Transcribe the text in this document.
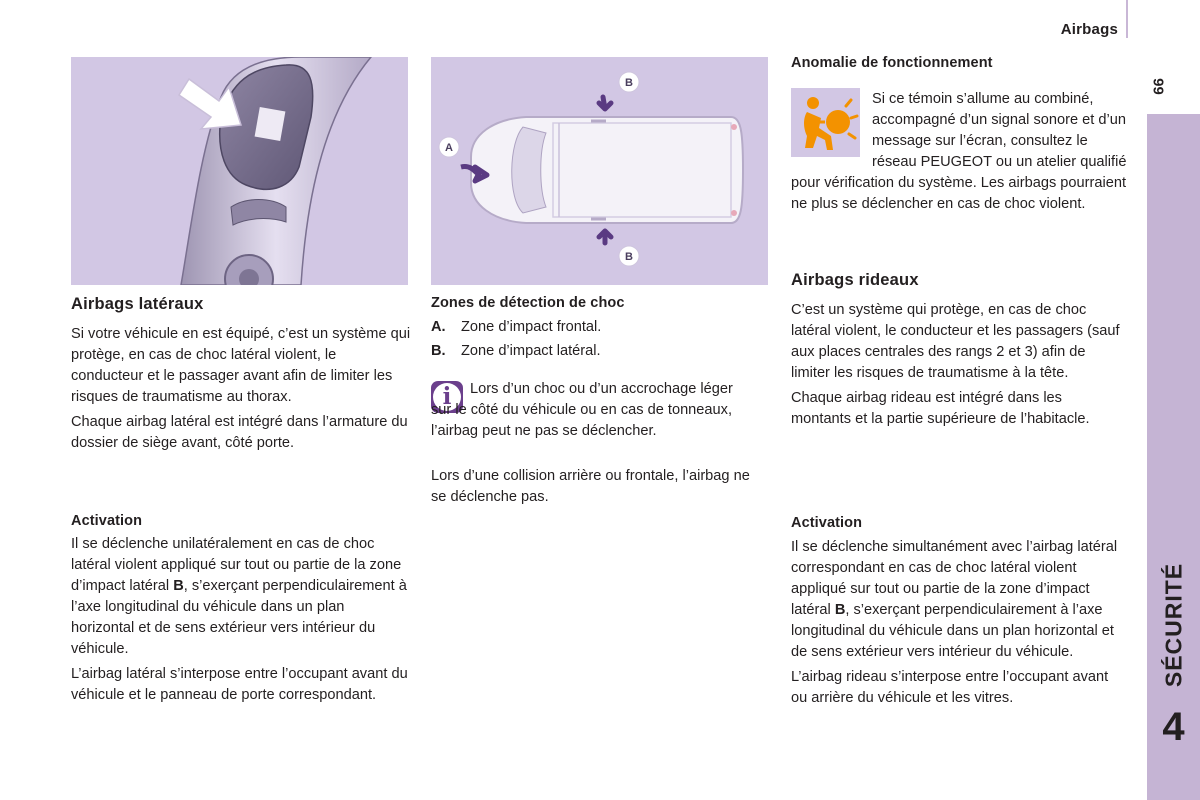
Airbags
99
SÉCURITÉ
4
A
B
B
Airbags latéraux

Si votre véhicule en est équipé, c’est un système qui protège, en cas de choc latéral violent, le conducteur et le passager avant afin de limiter les risques de traumatisme au thorax.

Chaque airbag latéral est intégré dans l’armature du dossier de siège avant, côté porte.

Activation

Il se déclenche unilatéralement en cas de choc latéral violent appliqué sur tout ou partie de la zone d’impact latéral B, s’exerçant perpendiculairement à l’axe longitudinal du véhicule dans un plan horizontal et de sens extérieur vers intérieur du véhicule.

L’airbag latéral s’interpose entre l’occupant avant du véhicule et le panneau de porte correspondant.

Zones de détection de choc
A. Zone d’impact frontal.
B. Zone d’impact latéral.
i	Lors d’un choc ou d’un accrochage léger sur le côté du véhicule ou en cas de tonneaux, l’airbag peut ne pas se déclencher.

Lors d’une collision arrière ou frontale, l’airbag ne se déclenche pas.

Anomalie de fonctionnement

Si ce témoin s’allume au combiné, accompagné d’un signal sonore et d’un message sur l’écran, consultez le réseau PEUGEOT ou un atelier qualifié pour vérification du système. Les airbags pourraient ne plus se déclencher en cas de choc violent.

Airbags rideaux

C’est un système qui protège, en cas de choc latéral violent, le conducteur et les passagers (sauf aux places centrales des rangs 2 et 3) afin de limiter les risques de traumatisme à la tête.

Chaque airbag rideau est intégré dans les montants et la partie supérieure de l’habitacle.

Activation

Il se déclenche simultanément avec l’airbag latéral correspondant en cas de choc latéral violent appliqué sur tout ou partie de la zone d’impact latéral B, s’exerçant perpendiculairement à l’axe longitudinal du véhicule dans un plan horizontal et de sens extérieur vers intérieur du véhicule.

L’airbag rideau s’interpose entre l’occupant avant ou arrière du véhicule et les vitres.
